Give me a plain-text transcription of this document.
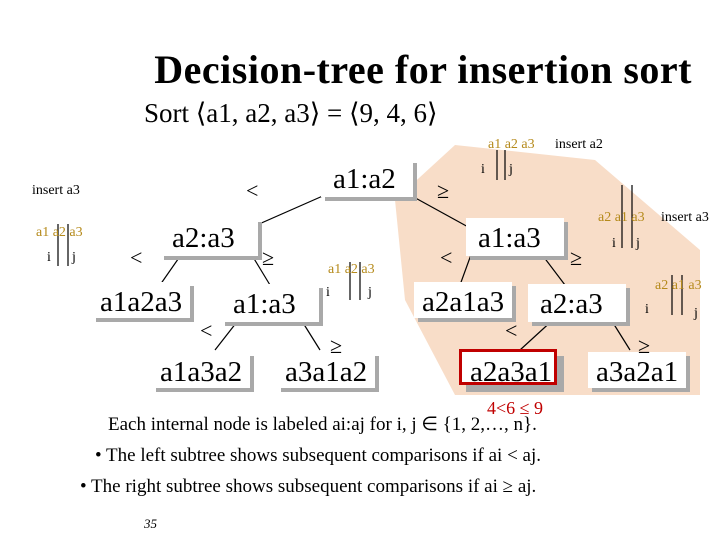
Decision-tree for insertion sort
Sort ⟨a1, a2, a3⟩ = ⟨9, 4, 6⟩
a1:a2
a2:a3	a1:a3
a1:a3	a2:a3
a1a2a3
a1a3a2 a3a1a2
a2a1a3
a2a3a1 a3a2a1
<	≥
<	≥
<
≥
<	≥
<
≥
a1 a2 a3 insert a2
i j
insert a3
a1 a2 a3
i j
a1 a2 a3
i	j
a2 a1 a3 insert a3
i j
a2 a1 a3
i	j
4<6 ≤ 9
Each internal node is labeled ai:aj for i, j ∈ {1, 2,…, n}.
• The left subtree shows subsequent comparisons if ai < aj.
• The right subtree shows subsequent comparisons if ai ≥ aj.
35
